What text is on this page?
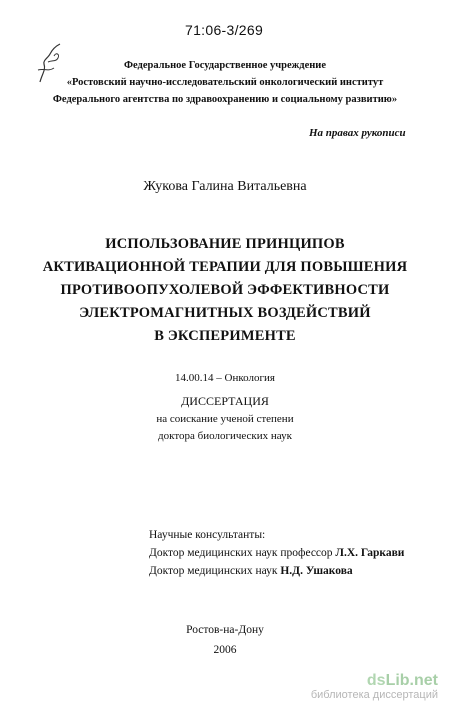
71:06-3/269
Федеральное Государственное учреждение
«Ростовский научно-исследовательский онкологический институт
Федерального агентства по здравоохранению и социальному развитию»
На правах рукописи
Жукова Галина Витальевна
ИСПОЛЬЗОВАНИЕ ПРИНЦИПОВ
АКТИВАЦИОННОЙ ТЕРАПИИ ДЛЯ ПОВЫШЕНИЯ
ПРОТИВООПУХОЛЕВОЙ ЭФФЕКТИВНОСТИ
ЭЛЕКТРОМАГНИТНЫХ ВОЗДЕЙСТВИЙ
В ЭКСПЕРИМЕНТЕ
14.00.14 – Онкология
ДИССЕРТАЦИЯ
на соискание ученой степени
доктора биологических наук
Научные консультанты:
Доктор медицинских наук профессор Л.Х. Гаркави
Доктор медицинских наук Н.Д. Ушакова
Ростов-на-Дону
2006
dsLib.net
библиотека диссертаций
